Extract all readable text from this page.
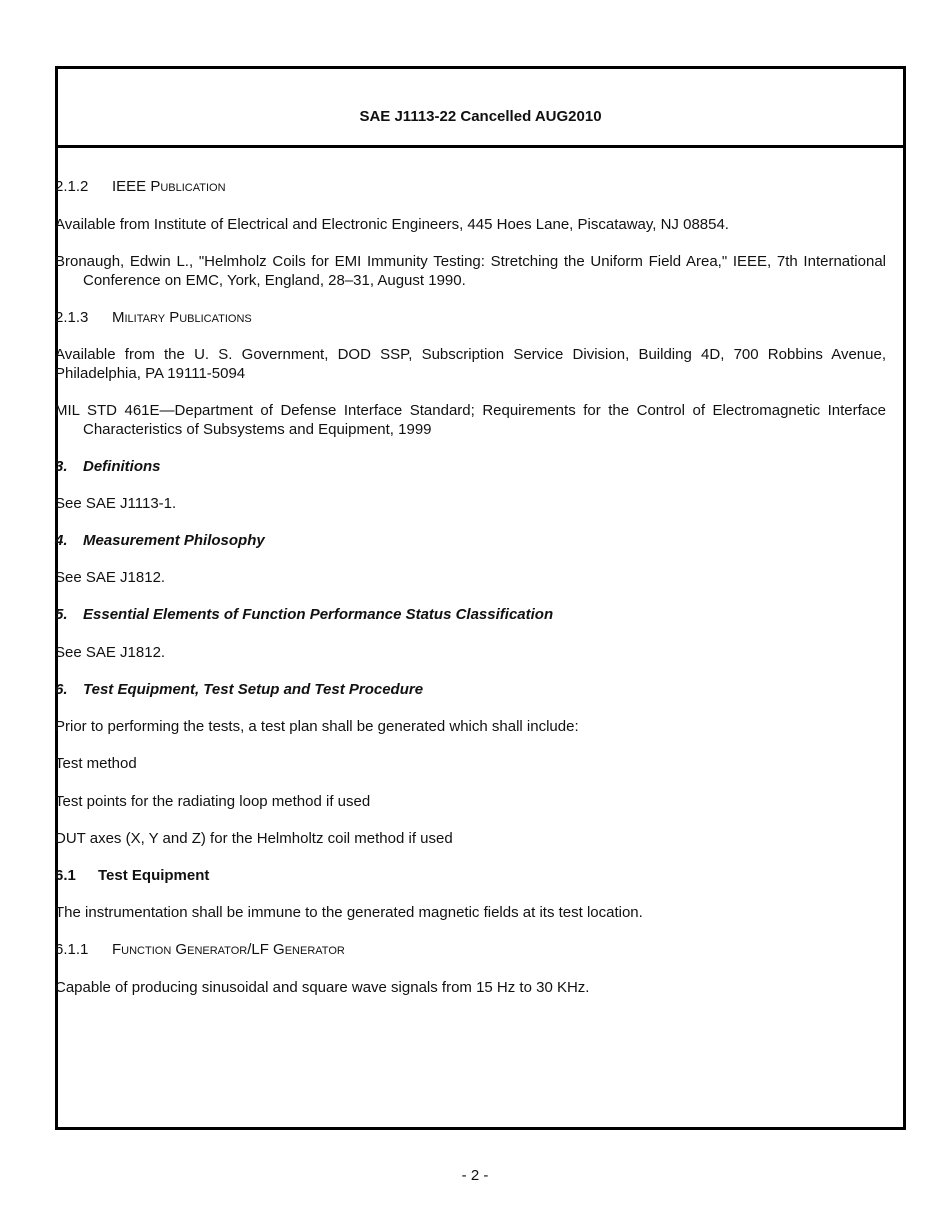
SAE J1113-22 Cancelled AUG2010

2.1.2 IEEE Publication

Available from Institute of Electrical and Electronic Engineers, 445 Hoes Lane, Piscataway, NJ 08854.

Bronaugh, Edwin L., "Helmholz Coils for EMI Immunity Testing: Stretching the Uniform Field Area," IEEE, 7th International Conference on EMC, York, England, 28–31, August 1990.

2.1.3 Military Publications

Available from the U. S. Government, DOD SSP, Subscription Service Division, Building 4D, 700 Robbins Avenue, Philadelphia, PA 19111-5094

MIL STD 461E—Department of Defense Interface Standard; Requirements for the Control of Electromagnetic Interface Characteristics of Subsystems and Equipment, 1999

3. Definitions

See SAE J1113-1.

4. Measurement Philosophy

See SAE J1812.

5. Essential Elements of Function Performance Status Classification

See SAE J1812.

6. Test Equipment, Test Setup and Test Procedure

Prior to performing the tests, a test plan shall be generated which shall include:

Test method

Test points for the radiating loop method if used

DUT axes (X, Y and Z) for the Helmholtz coil method if used

6.1 Test Equipment

The instrumentation shall be immune to the generated magnetic fields at its test location.

6.1.1 Function Generator/LF Generator

Capable of producing sinusoidal and square wave signals from 15 Hz to 30 KHz.

- 2 -
